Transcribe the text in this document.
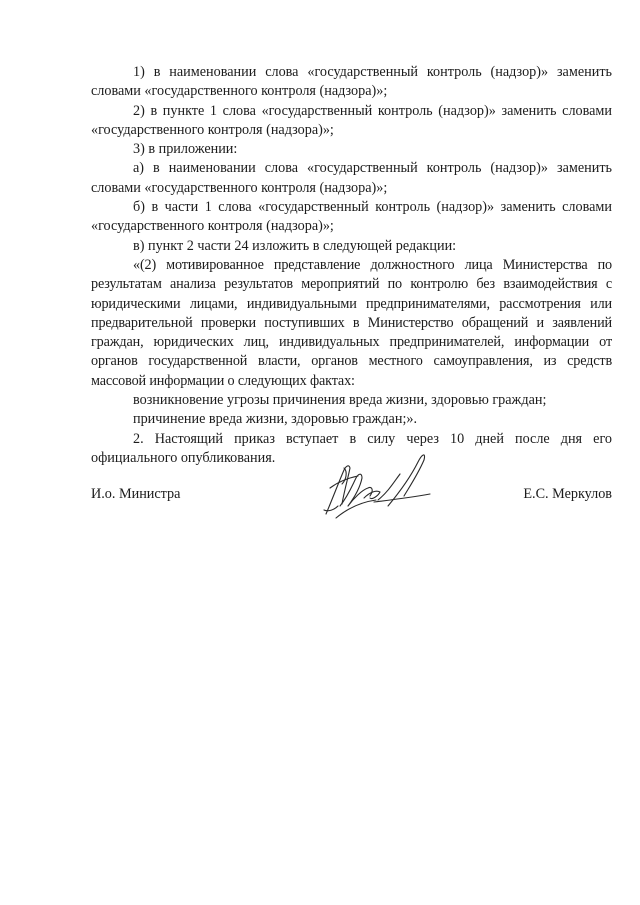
1) в наименовании слова «государственный контроль (надзор)» заменить словами «государственного контроля (надзора)»;

2) в пункте 1 слова «государственный контроль (надзор)» заменить словами «государственного контроля (надзора)»;

3) в приложении:

а) в наименовании слова «государственный контроль (надзор)» заменить словами «государственного контроля (надзора)»;

б) в части 1 слова «государственный контроль (надзор)» заменить словами «государственного контроля (надзора)»;

в) пункт 2 части 24 изложить в следующей редакции:

«(2) мотивированное представление должностного лица Министерства по результатам анализа результатов мероприятий по контролю без взаимодействия с юридическими лицами, индивидуальными предпринимателями, рассмотрения или предварительной проверки поступивших в Министерство обращений и заявлений граждан, юридических лиц, индивидуальных предпринимателей, информации от органов государственной власти, органов местного самоуправления, из средств массовой информации о следующих фактах:

возникновение угрозы причинения вреда жизни, здоровью граждан;

причинение вреда жизни, здоровью граждан;».

2. Настоящий приказ вступает в силу через 10 дней после дня его официального опубликования.

И.о. Министра	Е.С. Меркулов
